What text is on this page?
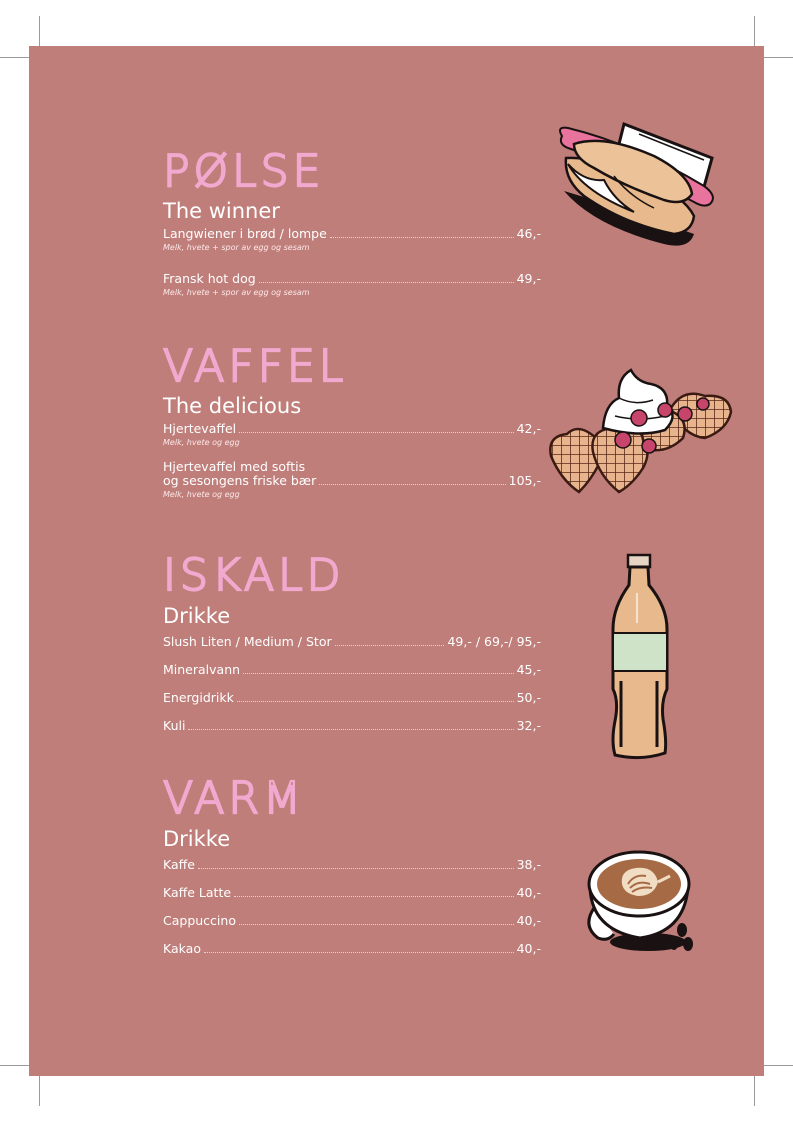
PØLSE
The winner
Langwiener i brød / lompe	46,-
Melk, hvete + spor av egg og sesam
Fransk hot dog	49,-
Melk, hvete + spor av egg og sesam
VAFFEL
The delicious
Hjertevaffel	42,-
Melk, hvete og egg
Hjertevaffel med softis
og sesongens friske bær	105,-
Melk, hvete og egg
ISKALD
Drikke
Slush Liten / Medium / Stor	49,- / 69,-/ 95,-
Mineralvann	45,-
Energidrikk	50,-
Kuli	32,-
VARM
Drikke
Kaffe	38,-
Kaffe Latte	40,-
Cappuccino	40,-
Kakao	40,-
